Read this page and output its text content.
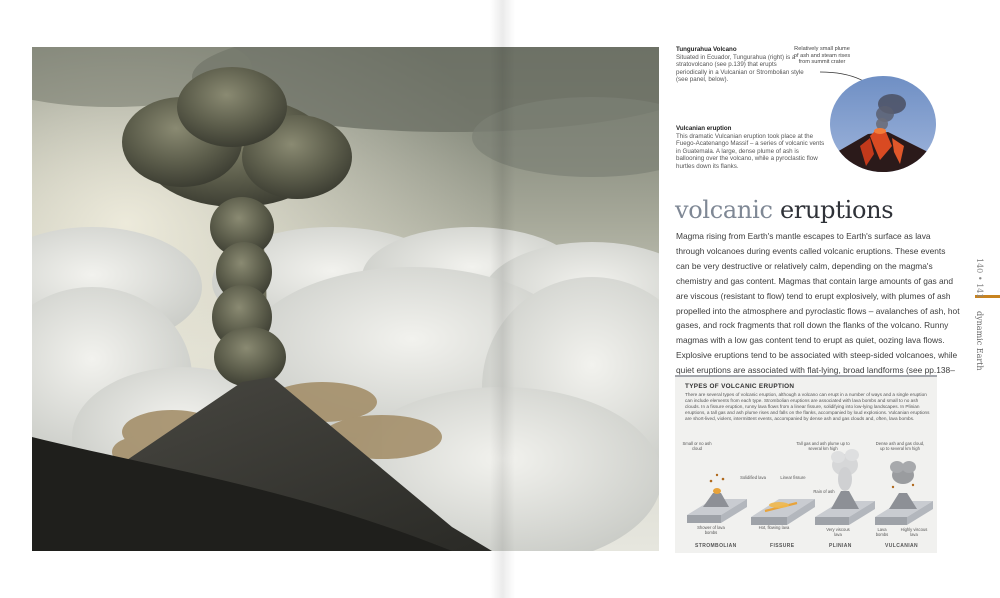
Tungurahua Volcano
Situated in Ecuador, Tungurahua (right) is a stratovolcano (see p.139) that erupts periodically in a Vulcanian or Strombolian style (see panel, below).
Vulcanian eruption
This dramatic Vulcanian eruption took place at the Fuego-Acatenango Massif – a series of volcanic vents in Guatemala. A large, dense plume of ash is ballooning over the volcano, while a pyroclastic flow hurtles down its flanks.
Relatively small plume of ash and steam rises from summit crater
volcanic eruptions
Magma rising from Earth's mantle escapes to Earth's surface as lava through volcanoes during events called volcanic eruptions. These events can be very destructive or relatively calm, depending on the magma's chemistry and gas content. Magmas that contain large amounts of gas and are viscous (resistant to flow) tend to erupt explosively, with plumes of ash propelled into the atmosphere and pyroclastic flows – avalanches of ash, hot gases, and rock fragments that roll down the flanks of the volcano. Runny magmas with a low gas content tend to erupt as quiet, oozing lava flows. Explosive eruptions tend to be associated with steep-sided volcanoes, while quiet eruptions are associated with flat-lying, broad landforms (see pp.138–
140 • 141 dynamic Earth
TYPES OF VOLCANIC ERUPTION
There are several types of volcanic eruption, although a volcano can erupt in a number of ways and a single eruption can include elements from each type. Strombolian eruptions are associated with lava bombs and small to no ash clouds. In a fissure eruption, runny lava flows from a linear fissure, solidifying into low-lying landscapes. In Plinian eruptions, a tall gas and ash plume rises and falls on the flanks, accompanied by loud explosions. Vulcanian eruptions are short-lived, violent, intermittent events, accompanied by dense ash and gas clouds and, often, lava bombs.
Small or no ash cloud
Shower of lava bombs
Solidified lava	Linear fissure
Hot, flowing lava
Tall gas and ash plume up to several km high
Rain of ash
Very viscous lava
Dense ash and gas cloud, up to several km high
Lava bombs
Highly viscous lava
STROMBOLIAN	FISSURE	PLINIAN	VULCANIAN
